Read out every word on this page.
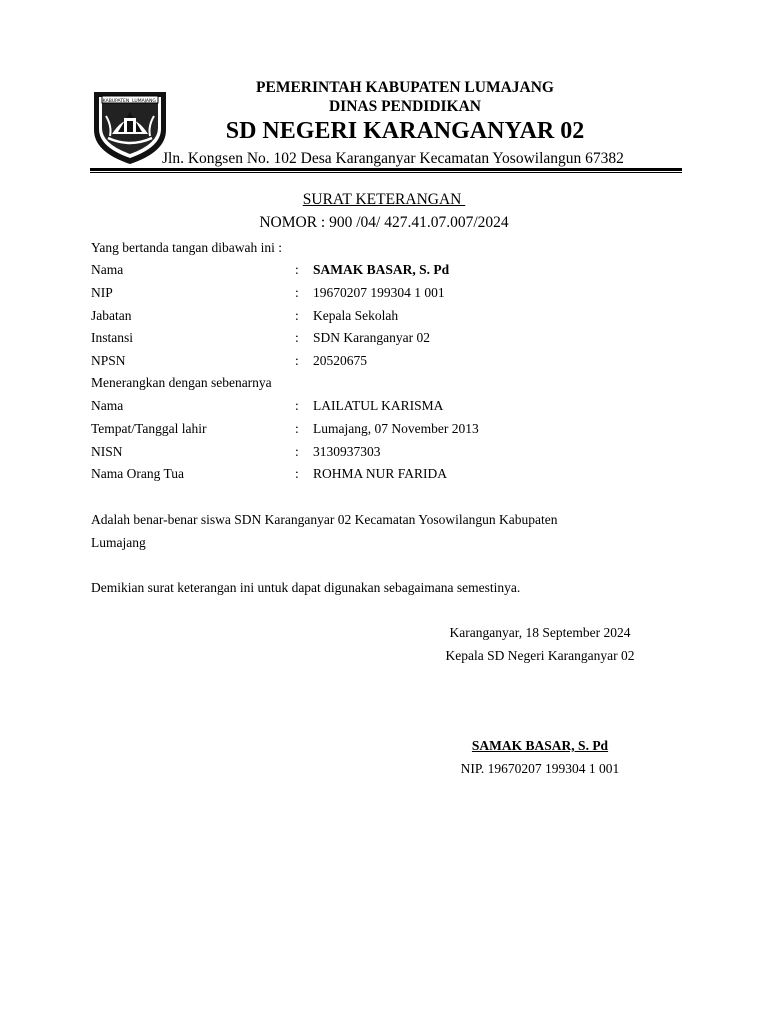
KABUPATEN LUMAJANG
PEMERINTAH KABUPATEN LUMAJANG
DINAS PENDIDIKAN
SD NEGERI KARANGANYAR 02
Jln. Kongsen No. 102 Desa Karanganyar Kecamatan Yosowilangun 67382
SURAT KETERANGAN
NOMOR : 900 /04/ 427.41.07.007/2024
Yang bertanda tangan dibawah ini :
Nama	: SAMAK BASAR, S. Pd
NIP	: 19670207 199304 1 001
Jabatan	: Kepala Sekolah
Instansi	: SDN Karanganyar 02
NPSN	: 20520675
Menerangkan dengan sebenarnya
Nama	: LAILATUL KARISMA
Tempat/Tanggal lahir	: Lumajang, 07 November 2013
NISN	: 3130937303
Nama Orang Tua	: ROHMA NUR FARIDA
Adalah benar-benar siswa SDN Karanganyar 02 Kecamatan Yosowilangun Kabupaten
Lumajang
Demikian surat keterangan ini untuk dapat digunakan sebagaimana semestinya.
Karanganyar, 18 September 2024
Kepala SD Negeri Karanganyar 02
SAMAK BASAR, S. Pd
NIP. 19670207 199304 1 001
